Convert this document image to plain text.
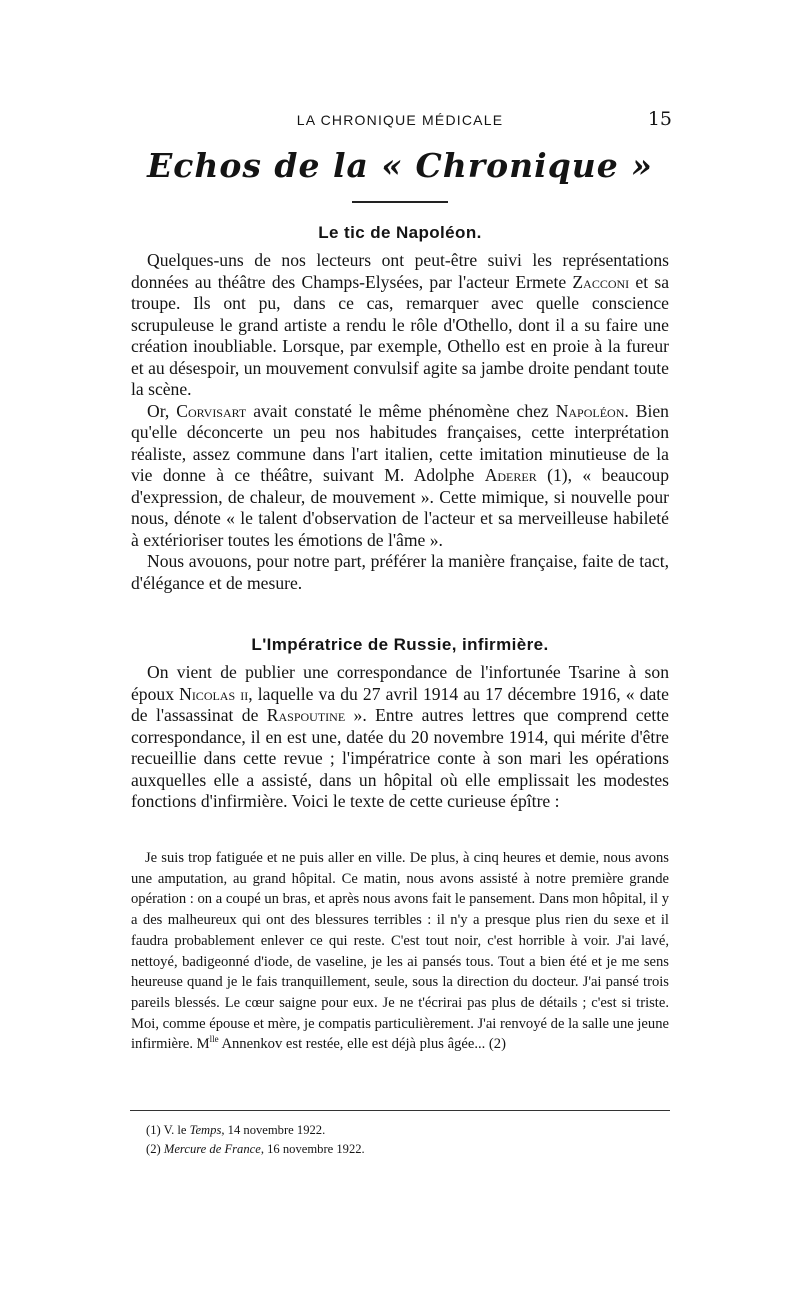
LA CHRONIQUE MÉDICALE	15
Echos de la « Chronique »
Le tic de Napoléon.

Quelques-uns de nos lecteurs ont peut-être suivi les représentations données au théâtre des Champs-Elysées, par l'acteur Ermete Zacconi et sa troupe. Ils ont pu, dans ce cas, remarquer avec quelle conscience scrupuleuse le grand artiste a rendu le rôle d'Othello, dont il a su faire une création inoubliable. Lorsque, par exemple, Othello est en proie à la fureur et au désespoir, un mouvement convulsif agite sa jambe droite pendant toute la scène.

Or, Corvisart avait constaté le même phénomène chez Napoléon. Bien qu'elle déconcerte un peu nos habitudes françaises, cette interprétation réaliste, assez commune dans l'art italien, cette imitation minutieuse de la vie donne à ce théâtre, suivant M. Adolphe Aderer (1), « beaucoup d'expression, de chaleur, de mouvement ». Cette mimique, si nouvelle pour nous, dénote « le talent d'observation de l'acteur et sa merveilleuse habileté à extérioriser toutes les émotions de l'âme ».

Nous avouons, pour notre part, préférer la manière française, faite de tact, d'élégance et de mesure.

L'Impératrice de Russie, infirmière.

On vient de publier une correspondance de l'infortunée Tsarine à son époux Nicolas ii, laquelle va du 27 avril 1914 au 17 décembre 1916, « date de l'assassinat de Raspoutine ». Entre autres lettres que comprend cette correspondance, il en est une, datée du 20 novembre 1914, qui mérite d'être recueillie dans cette revue ; l'impératrice conte à son mari les opérations auxquelles elle a assisté, dans un hôpital où elle emplissait les modestes fonctions d'infirmière. Voici le texte de cette curieuse épître :

Je suis trop fatiguée et ne puis aller en ville. De plus, à cinq heures et demie, nous avons une amputation, au grand hôpital. Ce matin, nous avons assisté à notre première grande opération : on a coupé un bras, et après nous avons fait le pansement. Dans mon hôpital, il y a des malheureux qui ont des blessures terribles : il n'y a presque plus rien du sexe et il faudra probablement enlever ce qui reste. C'est tout noir, c'est horrible à voir. J'ai lavé, nettoyé, badigeonné d'iode, de vaseline, je les ai pansés tous. Tout a bien été et je me sens heureuse quand je le fais tranquillement, seule, sous la direction du docteur. J'ai pansé trois pareils blessés. Le cœur saigne pour eux. Je ne t'écrirai pas plus de détails ; c'est si triste. Moi, comme épouse et mère, je compatis particulièrement. J'ai renvoyé de la salle une jeune infirmière. $M^{lle}$ Annenkov est restée, elle est déjà plus âgée... (2)

(1) V. le Temps, 14 novembre 1922.
(2) Mercure de France, 16 novembre 1922.
